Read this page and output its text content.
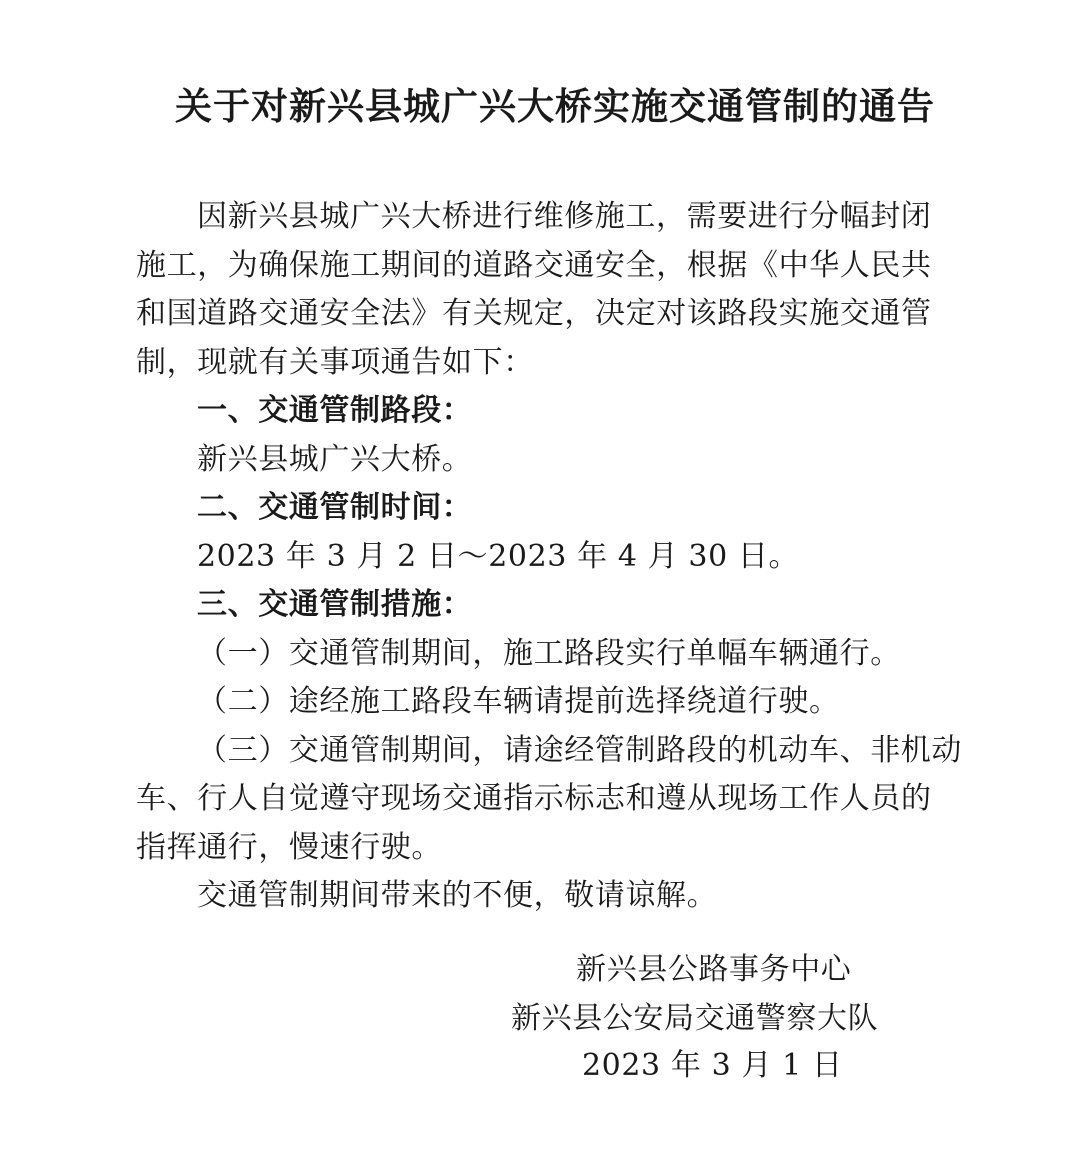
关于对新兴县城广兴大桥实施交通管制的通告
因新兴县城广兴大桥进行维修施工，需要进行分幅封闭
施工，为确保施工期间的道路交通安全，根据《中华人民共
和国道路交通安全法》有关规定，决定对该路段实施交通管
制，现就有关事项通告如下：
一、交通管制路段：
新兴县城广兴大桥。
二、交通管制时间：
2023 年 3 月 2 日～2023 年 4 月 30 日。
三、交通管制措施：
（一）交通管制期间，施工路段实行单幅车辆通行。
（二）途经施工路段车辆请提前选择绕道行驶。
（三）交通管制期间，请途经管制路段的机动车、非机动
车、行人自觉遵守现场交通指示标志和遵从现场工作人员的
指挥通行，慢速行驶。
交通管制期间带来的不便，敬请谅解。
新兴县公路事务中心
新兴县公安局交通警察大队
2023 年 3 月 1 日
